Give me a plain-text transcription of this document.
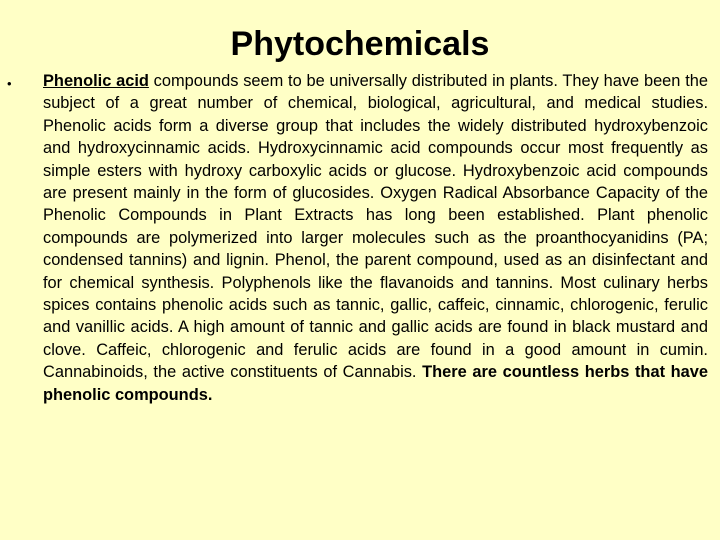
Phytochemicals
• Phenolic acid compounds seem to be universally distributed in plants. They have been the subject of a great number of chemical, biological, agricultural, and medical studies. Phenolic acids form a diverse group that includes the widely distributed hydroxybenzoic and hydroxycinnamic acids. Hydroxycinnamic acid compounds occur most frequently as simple esters with hydroxy carboxylic acids or glucose. Hydroxybenzoic acid compounds are present mainly in the form of glucosides. Oxygen Radical Absorbance Capacity of the Phenolic Compounds in Plant Extracts has long been established. Plant phenolic compounds are polymerized into larger molecules such as the proanthocyanidins (PA; condensed tannins) and lignin. Phenol, the parent compound, used as an disinfectant and for chemical synthesis. Polyphenols like the flavanoids and tannins. Most culinary herbs spices contains phenolic acids such as tannic, gallic, caffeic, cinnamic, chlorogenic, ferulic and vanillic acids. A high amount of tannic and gallic acids are found in black mustard and clove. Caffeic, chlorogenic and ferulic acids are found in a good amount in cumin. Cannabinoids, the active constituents of Cannabis. There are countless herbs that have phenolic compounds.
